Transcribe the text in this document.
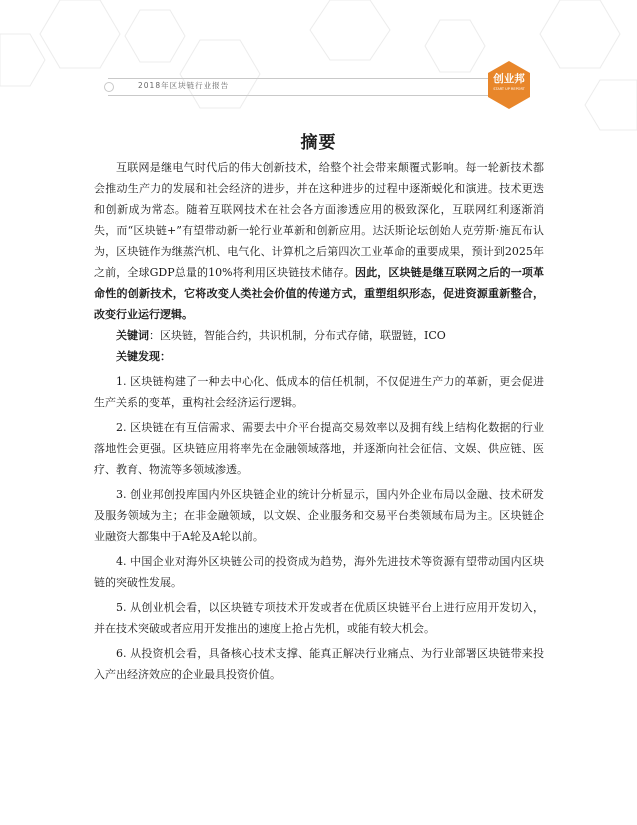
2018年区块链行业报告
创业邦
START UP REPORT
摘要

互联网是继电气时代后的伟大创新技术，给整个社会带来颠覆式影响。每一轮新技术都会推动生产力的发展和社会经济的进步，并在这种进步的过程中逐渐蜕化和演进。技术更迭和创新成为常态。随着互联网技术在社会各方面渗透应用的极致深化，互联网红利逐渐消失，而“区块链+”有望带动新一轮行业革新和创新应用。达沃斯论坛创始人克劳斯·施瓦布认为，区块链作为继蒸汽机、电气化、计算机之后第四次工业革命的重要成果，预计到2025年之前，全球GDP总量的10%将利用区块链技术储存。因此，区块链是继互联网之后的一项革命性的创新技术，它将改变人类社会价值的传递方式，重塑组织形态，促进资源重新整合，改变行业运行逻辑。

关键词：区块链，智能合约，共识机制，分布式存储，联盟链，ICO

关键发现：

1. 区块链构建了一种去中心化、低成本的信任机制，不仅促进生产力的革新，更会促进生产关系的变革，重构社会经济运行逻辑。

2. 区块链在有互信需求、需要去中介平台提高交易效率以及拥有线上结构化数据的行业落地性会更强。区块链应用将率先在金融领域落地，并逐渐向社会征信、文娱、供应链、医疗、教育、物流等多领域渗透。

3. 创业邦创投库国内外区块链企业的统计分析显示，国内外企业布局以金融、技术研发及服务领域为主；在非金融领域，以文娱、企业服务和交易平台类领域布局为主。区块链企业融资大都集中于A轮及A轮以前。

4. 中国企业对海外区块链公司的投资成为趋势，海外先进技术等资源有望带动国内区块链的突破性发展。

5. 从创业机会看，以区块链专项技术开发或者在优质区块链平台上进行应用开发切入，并在技术突破或者应用开发推出的速度上抢占先机，或能有较大机会。

6. 从投资机会看，具备核心技术支撑、能真正解决行业痛点、为行业部署区块链带来投入产出经济效应的企业最具投资价值。
